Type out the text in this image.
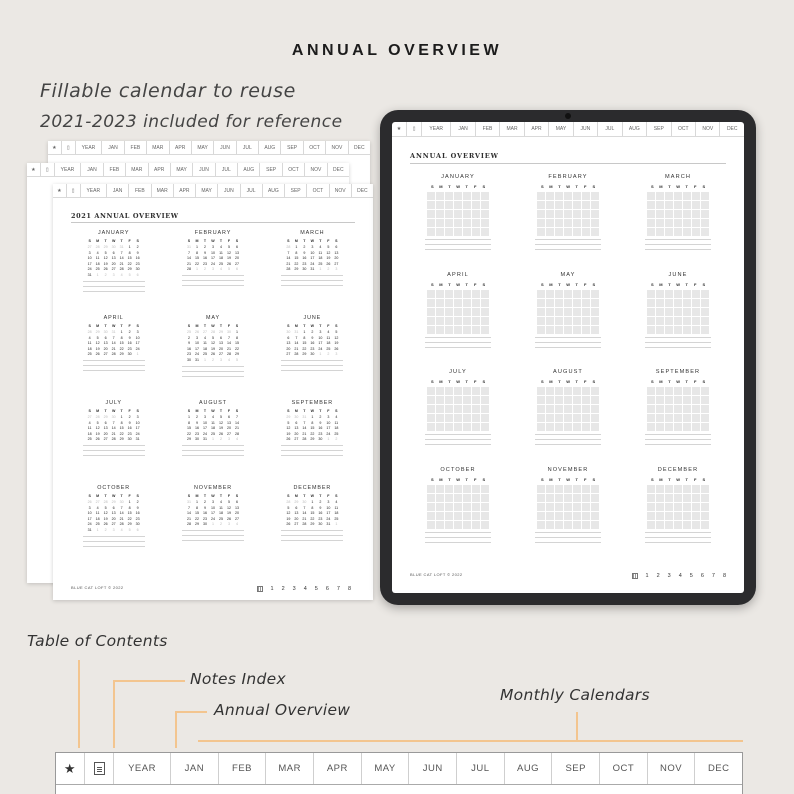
ANNUAL OVERVIEW
Fillable calendar to reuse
2021-2023 included for reference
★ ▯	YEAR	JAN	FEB	MAR	APR	MAY	JUN	JUL	AUG	SEP	OCT	NOV	DEC
★ ▯	YEAR	JAN	FEB	MAR	APR	MAY	JUN	JUL	AUG	SEP	OCT	NOV	DEC
★ ▯	YEAR	JAN	FEB	MAR	APR	MAY	JUN	JUL	AUG	SEP	OCT	NOV	DEC
2021 ANNUAL OVERVIEW
JANUARY
S	M	T	W	T	F	S
27	28	29	30	31	1	2
3	4	5	6	7	8	9
10	11	12	13	14	15	16
17	18	19	20	21	22	23
24	25	26	27	28	29	30
31	1	2	3	4	5	6
FEBRUARY
S	M	T	W	T	F	S
31	1	2	3	4	5	6
7	8	9	10	11	12	13
14	15	16	17	18	19	20
21	22	23	24	25	26	27
28	1	2	3	4	5	6
MARCH
S	M	T	W	T	F	S
28	1	2	3	4	5	6
7	8	9	10	11	12	13
14	15	16	17	18	19	20
21	22	23	24	25	26	27
28	29	30	31	1	2	3
APRIL
S	M	T	W	T	F	S
28	29	30	31	1	2	3
4	5	6	7	8	9	10
11	12	13	14	15	16	17
18	19	20	21	22	23	24
25	26	27	28	29	30	1
MAY
S	M	T	W	T	F	S
25	26	27	28	29	30	1
2	3	4	5	6	7	8
9	10	11	12	13	14	15
16	17	18	19	20	21	22
23	24	25	26	27	28	29
30	31	1	2	3	4	5
JUNE
S	M	T	W	T	F	S
30	31	1	2	3	4	5
6	7	8	9	10	11	12
13	14	15	16	17	18	19
20	21	22	23	24	25	26
27	28	29	30	1	2	3
JULY
S	M	T	W	T	F	S
27	28	29	30	1	2	3
4	5	6	7	8	9	10
11	12	13	14	15	16	17
18	19	20	21	22	23	24
25	26	27	28	29	30	31
AUGUST
S	M	T	W	T	F	S
1	2	3	4	5	6	7
8	9	10	11	12	13	14
15	16	17	18	19	20	21
22	23	24	25	26	27	28
29	30	31	1	2	3	4
SEPTEMBER
S	M	T	W	T	F	S
29	30	31	1	2	3	4
5	6	7	8	9	10	11
12	13	14	15	16	17	18
19	20	21	22	23	24	25
26	27	28	29	30	1	2
OCTOBER
S	M	T	W	T	F	S
26	27	28	29	30	1	2
3	4	5	6	7	8	9
10	11	12	13	14	15	16
17	18	19	20	21	22	23
24	25	26	27	28	29	30
31	1	2	3	4	5	6
NOVEMBER
S	M	T	W	T	F	S
31	1	2	3	4	5	6
7	8	9	10	11	12	13
14	15	16	17	18	19	20
21	22	23	24	25	26	27
28	29	30	1	2	3	4
DECEMBER
S	M	T	W	T	F	S
28	29	30	1	2	3	4
5	6	7	8	9	10	11
12	13	14	15	16	17	18
19	20	21	22	23	24	25
26	27	28	29	30	31	1
BLUE CAT LOFT © 2022	1 2 3 4 5 6 7 8
★ ▯	YEAR	JAN	FEB	MAR	APR	MAY	JUN	JUL	AUG	SEP	OCT	NOV	DEC
ANNUAL OVERVIEW
JANUARY
S	M	T	W	T	F	S
FEBRUARY
S	M	T	W	T	F	S
MARCH
S	M	T	W	T	F	S
APRIL
S	M	T	W	T	F	S
MAY
S	M	T	W	T	F	S
JUNE
S	M	T	W	T	F	S
JULY
S	M	T	W	T	F	S
AUGUST
S	M	T	W	T	F	S
SEPTEMBER
S	M	T	W	T	F	S
OCTOBER
S	M	T	W	T	F	S
NOVEMBER
S	M	T	W	T	F	S
DECEMBER
S	M	T	W	T	F	S
BLUE CAT LOFT © 2022	1 2 3 4 5 6 7 8
Table of Contents
Notes Index
Annual Overview
Monthly Calendars
★	YEAR	JAN	FEB	MAR	APR	MAY	JUN	JUL	AUG	SEP	OCT	NOV	DEC
